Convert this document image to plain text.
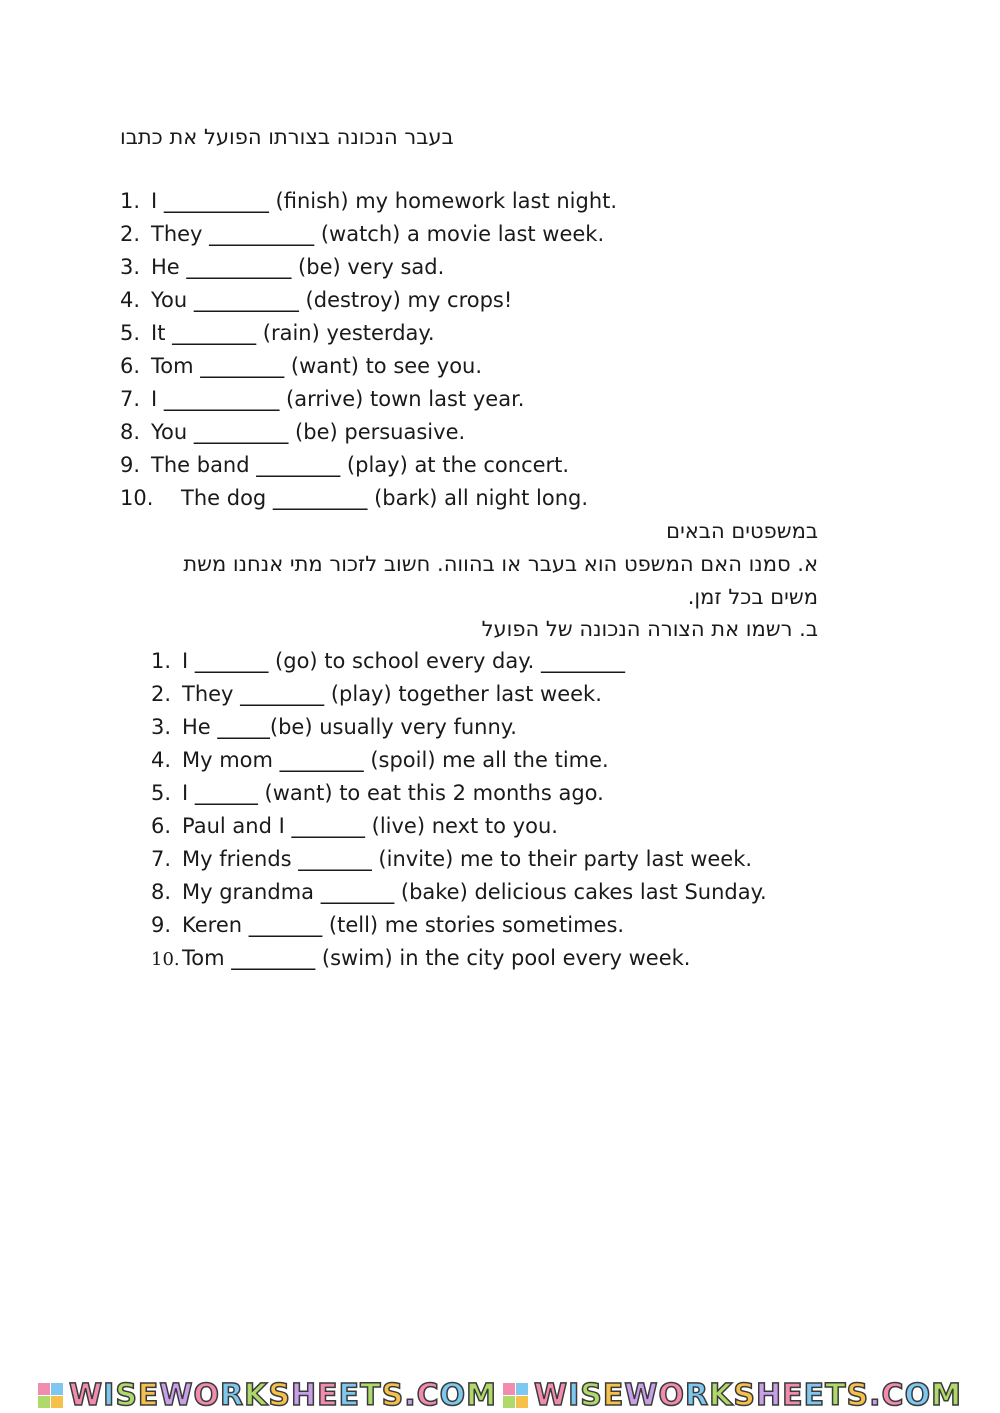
בעבר הנכונה בצורתו הפועל את כתבו
1. I __________ (finish) my homework last night.
2. They __________ (watch) a movie last week.
3. He __________ (be) very sad.
4. You __________ (destroy) my crops!
5. It ________ (rain) yesterday.
6. Tom ________ (want) to see you.
7. I ___________ (arrive) town last year.
8. You _________ (be) persuasive.
9. The band ________ (play) at the concert.
10. The dog _________ (bark) all night long.
במשפטים הבאים
א. סמנו האם המשפט הוא בעבר או בהווה. חשוב לזכור מתי אנחנו משת
משים בכל זמן.
ב. רשמו את הצורה הנכונה של הפועל
1. I _______ (go) to school every day. ________
2. They ________ (play) together last week.
3. He _____(be) usually very funny.
4. My mom ________ (spoil) me all the time.
5. I ______ (want) to eat this 2 months ago.
6. Paul and I _______ (live) next to you.
7. My friends _______ (invite) me to their party last week.
8. My grandma _______ (bake) delicious cakes last Sunday.
9. Keren _______ (tell) me stories sometimes.
10. Tom ________ (swim) in the city pool every week.
WISEWORKSHEETS.COM WISEWORKSHEETS.COM
